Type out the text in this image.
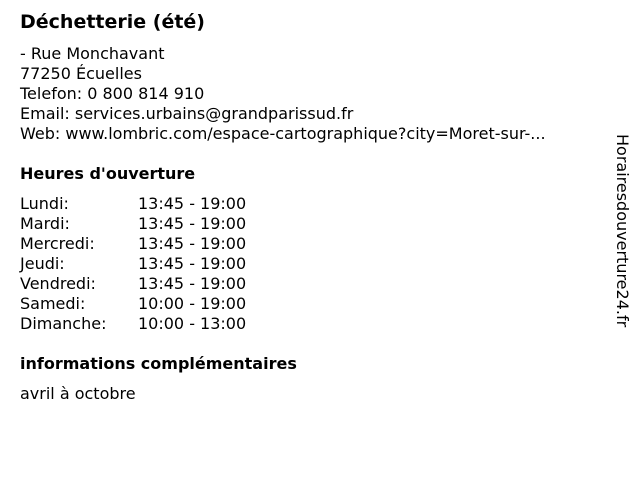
Déchetterie (été)
- Rue Monchavant
77250 Écuelles
Telefon: 0 800 814 910
Email: services.urbains@grandparissud.fr
Web: www.lombric.com/espace-cartographique?city=Moret-sur-...
Heures d'ouverture
Lundi:	13:45 - 19:00
Mardi:	13:45 - 19:00
Mercredi:	13:45 - 19:00
Jeudi:	13:45 - 19:00
Vendredi:	13:45 - 19:00
Samedi:	10:00 - 19:00
Dimanche:	10:00 - 13:00
informations complémentaires
avril à octobre
Horairesdouverture24.fr
